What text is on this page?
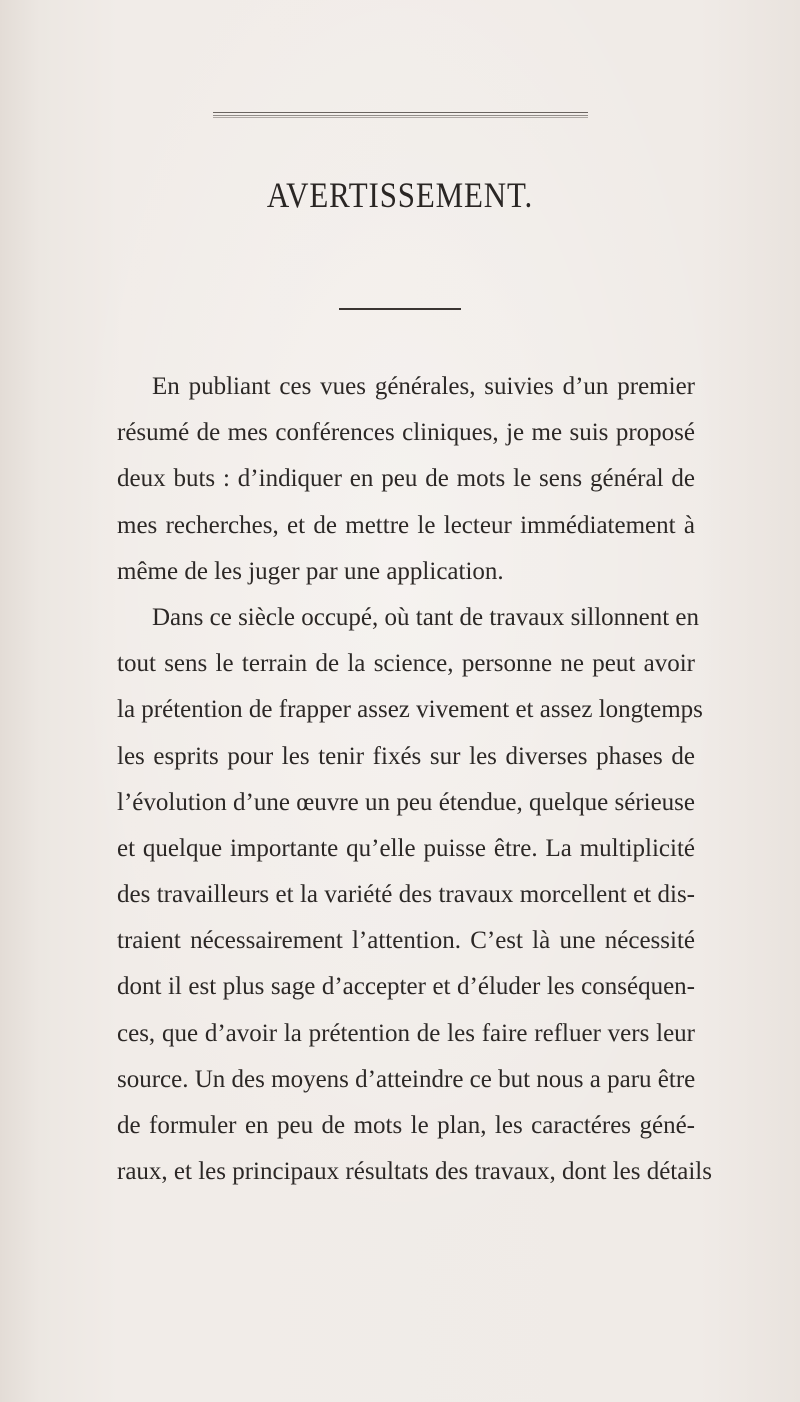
AVERTISSEMENT.
En publiant ces vues générales, suivies d’un premier
résumé de mes conférences cliniques, je me suis proposé
deux buts : d’indiquer en peu de mots le sens général de
mes recherches, et de mettre le lecteur immédiatement à
même de les juger par une application.
Dans ce siècle occupé, où tant de travaux sillonnent en
tout sens le terrain de la science, personne ne peut avoir
la prétention de frapper assez vivement et assez longtemps
les esprits pour les tenir fixés sur les diverses phases de
l’évolution d’une œuvre un peu étendue, quelque sérieuse
et quelque importante qu’elle puisse être. La multiplicité
des travailleurs et la variété des travaux morcellent et dis-
traient nécessairement l’attention. C’est là une nécessité
dont il est plus sage d’accepter et d’éluder les conséquen-
ces, que d’avoir la prétention de les faire refluer vers leur
source. Un des moyens d’atteindre ce but nous a paru être
de formuler en peu de mots le plan, les caractéres géné-
raux, et les principaux résultats des travaux, dont les détails
